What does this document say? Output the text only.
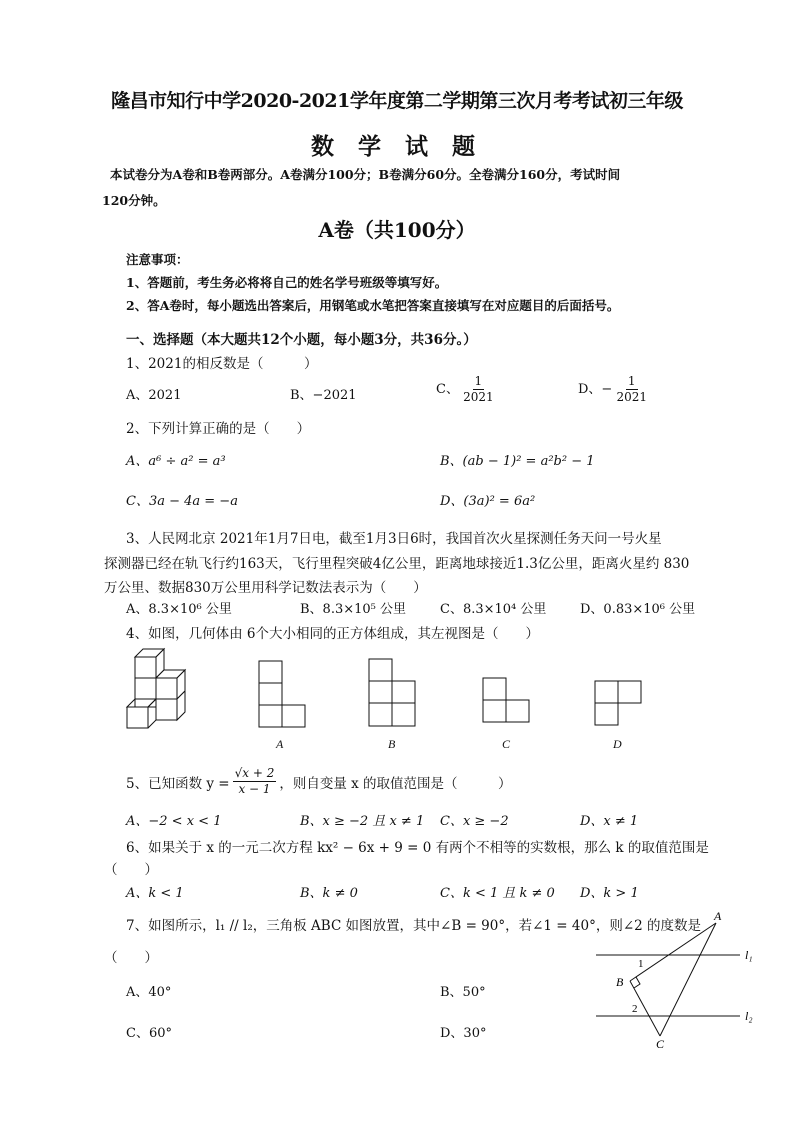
隆昌市知行中学2020-2021学年度第二学期第三次月考考试初三年级
数 学 试 题
本试卷分为A卷和B卷两部分。A卷满分100分；B卷满分60分。全卷满分160分，考试时间

120分钟。
A卷（共100分）
注意事项：
1、答题前，考生务必将将自己的姓名学号班级等填写好。
2、答A卷时，每小题选出答案后，用钢笔或水笔把答案直接填写在对应题目的后面括号。
一、选择题（本大题共12个小题，每小题3分，共36分。）
1、2021的相反数是（　　　）
A、2021	B、−2021	C、 $\frac{1}{2021}$	D、− $\frac{1}{2021}$
2、下列计算正确的是（　　）
A、a⁶ ÷ a² = a³	B、(ab − 1)² = a²b² − 1
C、3a − 4a = −a	D、(3a)² = 6a²
3、人民网北京 2021年1月7日电，截至1月3日6时，我国首次火星探测任务天问一号火星
探测器已经在轨飞行约163天，飞行里程突破4亿公里，距离地球接近1.3亿公里，距离火星约 830
万公里、数据830万公里用科学记数法表示为（　　）
A、8.3×10⁶ 公里	B、8.3×10⁵ 公里	C、8.3×10⁴ 公里	D、0.83×10⁶ 公里
4、如图，几何体由 6个大小相同的正方体组成，其左视图是（　　）
A	B	C	D
5、已知函数 $y = \frac{√x + 2}{x - 1}$ ，则自变量 x 的取值范围是（　　　）
A、−2 < x < 1	B、x ≥ −2 且 x ≠ 1 C、x ≥ −2	D、x ≠ 1
6、如果关于 x 的一元二次方程 kx² − 6x + 9 = 0 有两个不相等的实数根，那么 k 的取值范围是
（　　）
A、k < 1	B、k ≠ 0	C、k < 1 且 k ≠ 0 D、k > 1
7、如图所示，l₁ // l₂，三角板 ABC 如图放置，其中∠B = 90°，若∠1 = 40°，则∠2 的度数是
（　　）
A、40°	B、50°
C、60°	D、30°
A
B
C
1
2
l₁
l₂
